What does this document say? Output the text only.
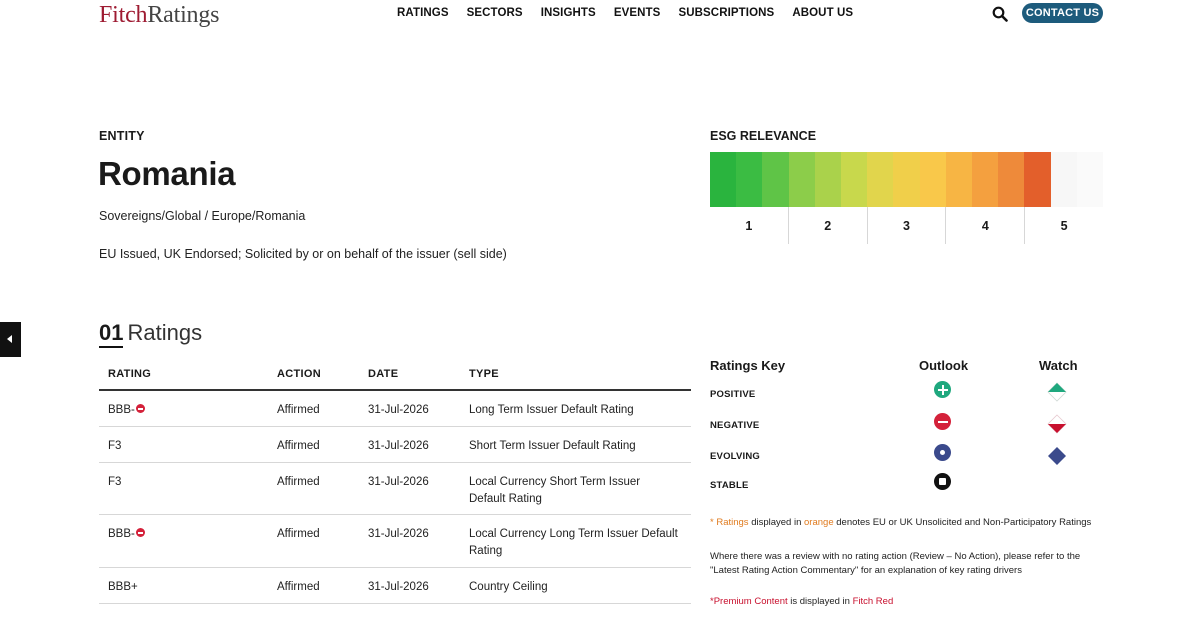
FitchRatings	RATINGS SECTORS INSIGHTS EVENTS SUBSCRIPTIONS ABOUT US	CONTACT US
ENTITY
Romania
Sovereigns/Global / Europe/Romania
EU Issued, UK Endorsed; Solicited by or on behalf of the issuer (sell side)
ESG RELEVANCE
1	2	3	4	5
01 Ratings
RATING	ACTION	DATE	TYPE
BBB-	Affirmed	31-Jul-2026	Long Term Issuer Default Rating
F3	Affirmed	31-Jul-2026	Short Term Issuer Default Rating
F3	Affirmed	31-Jul-2026	Local Currency Short Term Issuer Default Rating
BBB-	Affirmed	31-Jul-2026	Local Currency Long Term Issuer Default Rating
BBB+	Affirmed	31-Jul-2026	Country Ceiling
Ratings Key	Outlook	Watch
POSITIVE
NEGATIVE
EVOLVING
STABLE
* Ratings displayed in orange denotes EU or UK Unsolicited and Non-Participatory Ratings
Where there was a review with no rating action (Review – No Action), please refer to the "Latest Rating Action Commentary" for an explanation of key rating drivers
*Premium Content is displayed in Fitch Red
